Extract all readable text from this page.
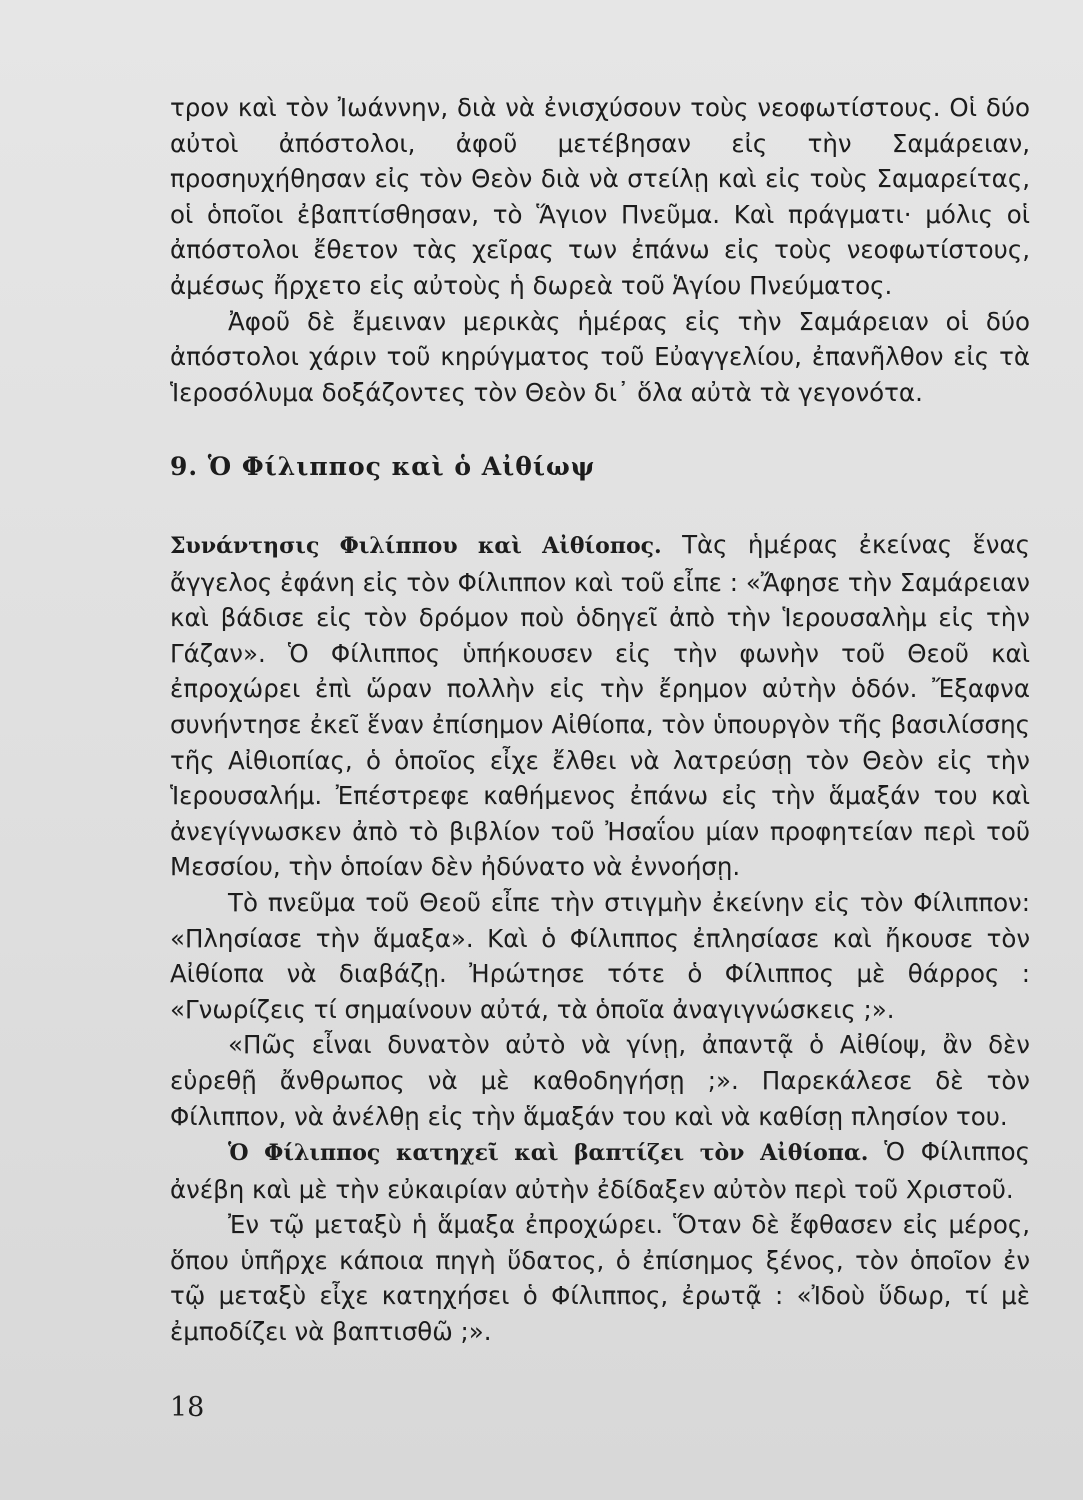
τρον καὶ τὸν Ἰωάννην, διὰ νὰ ἐνισχύσουν τοὺς νεοφωτίστους. Οἱ δύο αὐτοὶ ἀπόστολοι, ἀφοῦ μετέβησαν εἰς τὴν Σαμάρειαν, προσηυχήθησαν εἰς τὸν Θεὸν διὰ νὰ στείλῃ καὶ εἰς τοὺς Σαμαρείτας, οἱ ὁποῖοι ἐβαπτίσθησαν, τὸ Ἅγιον Πνεῦμα. Καὶ πράγματι· μόλις οἱ ἀπόστολοι ἔθετον τὰς χεῖρας των ἐπάνω εἰς τοὺς νεοφωτίστους, ἀμέσως ἤρχετο εἰς αὐτοὺς ἡ δωρεὰ τοῦ Ἁγίου Πνεύματος.

Ἀφοῦ δὲ ἔμειναν μερικὰς ἡμέρας εἰς τὴν Σαμάρειαν οἱ δύο ἀπόστολοι χάριν τοῦ κηρύγματος τοῦ Εὐαγγελίου, ἐπανῆλθον εἰς τὰ Ἱεροσόλυμα δοξάζοντες τὸν Θεὸν δι᾿ ὅλα αὐτὰ τὰ γεγονότα.

9. Ὁ Φίλιππος καὶ ὁ Αἰθίωψ

Συνάντησις Φιλίππου καὶ Αἰθίοπος. Τὰς ἡμέρας ἐκείνας ἕνας ἄγγελος ἐφάνη εἰς τὸν Φίλιππον καὶ τοῦ εἶπε : «Ἄφησε τὴν Σαμάρειαν καὶ βάδισε εἰς τὸν δρόμον ποὺ ὁδηγεῖ ἀπὸ τὴν Ἱερουσαλὴμ εἰς τὴν Γάζαν». Ὁ Φίλιππος ὑπήκουσεν εἰς τὴν φωνὴν τοῦ Θεοῦ καὶ ἐπροχώρει ἐπὶ ὥραν πολλὴν εἰς τὴν ἔρημον αὐτὴν ὁδόν. Ἔξαφνα συνήντησε ἐκεῖ ἕναν ἐπίσημον Αἰθίοπα, τὸν ὑπουργὸν τῆς βασιλίσσης τῆς Αἰθιοπίας, ὁ ὁποῖος εἶχε ἔλθει νὰ λατρεύσῃ τὸν Θεὸν εἰς τὴν Ἱερουσαλήμ. Ἐπέστρεφε καθήμενος ἐπάνω εἰς τὴν ἅμαξάν του καὶ ἀνεγίγνωσκεν ἀπὸ τὸ βιβλίον τοῦ Ἠσαΐου μίαν προφητείαν περὶ τοῦ Μεσσίου, τὴν ὁποίαν δὲν ἠδύνατο νὰ ἐννοήσῃ.

Τὸ πνεῦμα τοῦ Θεοῦ εἶπε τὴν στιγμὴν ἐκείνην εἰς τὸν Φίλιππον: «Πλησίασε τὴν ἅμαξα». Καὶ ὁ Φίλιππος ἐπλησίασε καὶ ἤκουσε τὸν Αἰθίοπα νὰ διαβάζῃ. Ἠρώτησε τότε ὁ Φίλιππος μὲ θάρρος : «Γνωρίζεις τί σημαίνουν αὐτά, τὰ ὁποῖα ἀναγιγνώσκεις ;».

«Πῶς εἶναι δυνατὸν αὐτὸ νὰ γίνῃ, ἀπαντᾷ ὁ Αἰθίοψ, ἂν δὲν εὑρεθῇ ἄνθρωπος νὰ μὲ καθοδηγήσῃ ;». Παρεκάλεσε δὲ τὸν Φίλιππον, νὰ ἀνέλθῃ εἰς τὴν ἅμαξάν του καὶ νὰ καθίσῃ πλησίον του.

Ὁ Φίλιππος κατηχεῖ καὶ βαπτίζει τὸν Αἰθίοπα. Ὁ Φίλιππος ἀνέβη καὶ μὲ τὴν εὐκαιρίαν αὐτὴν ἐδίδαξεν αὐτὸν περὶ τοῦ Χριστοῦ.

Ἐν τῷ μεταξὺ ἡ ἅμαξα ἐπροχώρει. Ὅταν δὲ ἔφθασεν εἰς μέρος, ὅπου ὑπῆρχε κάποια πηγὴ ὕδατος, ὁ ἐπίσημος ξένος, τὸν ὁποῖον ἐν τῷ μεταξὺ εἶχε κατηχήσει ὁ Φίλιππος, ἐρωτᾷ : «Ἰδοὺ ὕδωρ, τί μὲ ἐμποδίζει νὰ βαπτισθῶ ;».

18
